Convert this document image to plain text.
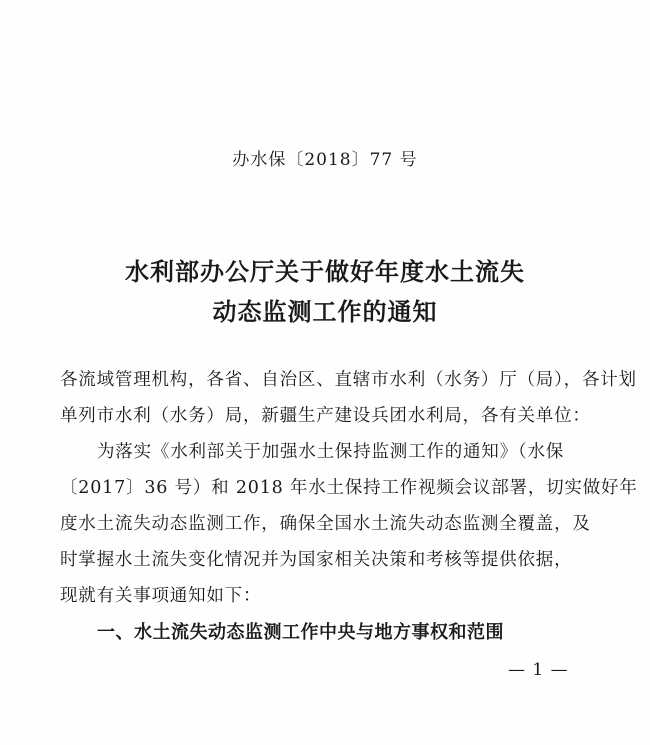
办水保〔2018〕77 号
水利部办公厅关于做好年度水土流失
动态监测工作的通知
各流域管理机构，各省、自治区、直辖市水利（水务）厅（局），各计划
单列市水利（水务）局，新疆生产建设兵团水利局，各有关单位：
为落实《水利部关于加强水土保持监测工作的通知》（水保
〔2017〕36 号）和 2018 年水土保持工作视频会议部署，切实做好年
度水土流失动态监测工作，确保全国水土流失动态监测全覆盖，及
时掌握水土流失变化情况并为国家相关决策和考核等提供依据，
现就有关事项通知如下：
一、水土流失动态监测工作中央与地方事权和范围
— 1 —
